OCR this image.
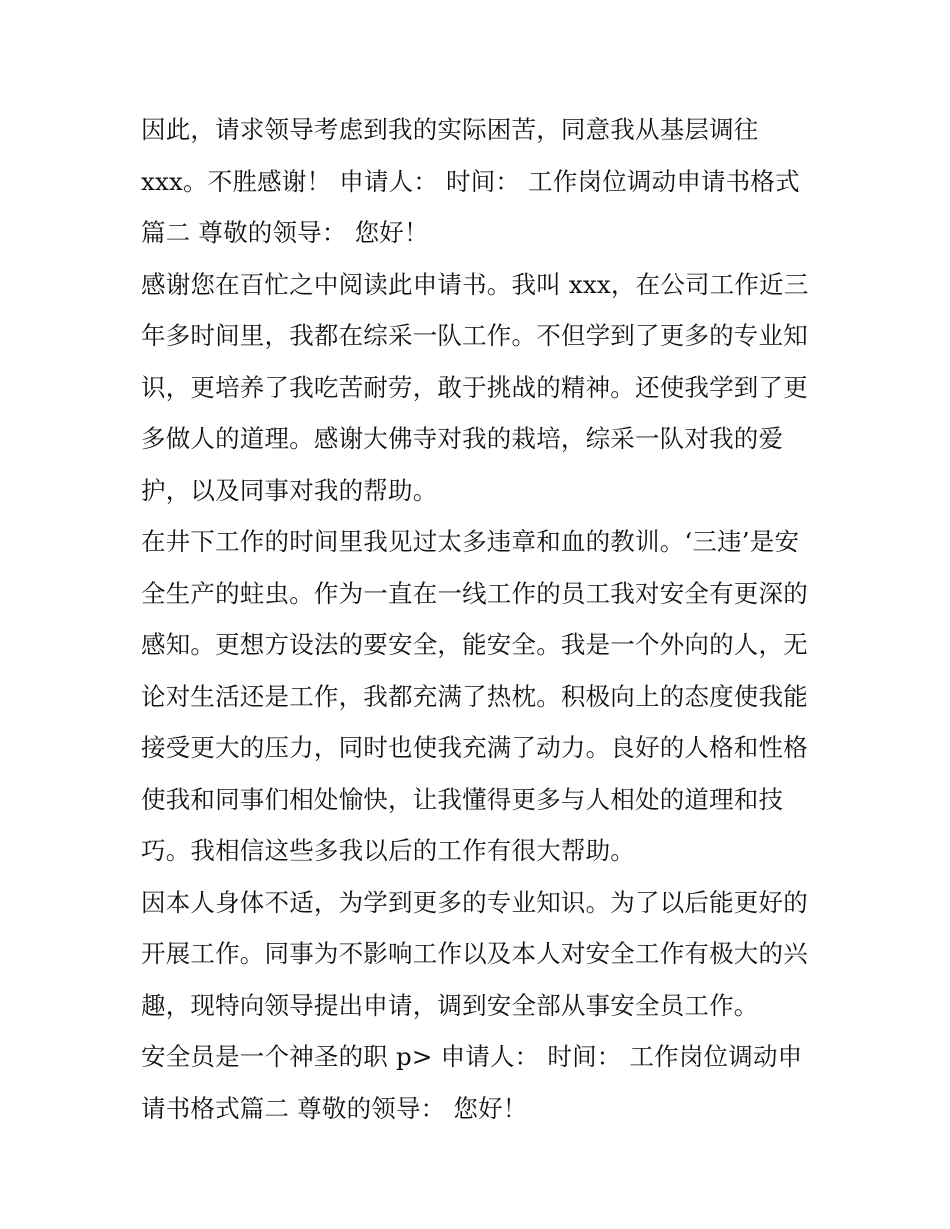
因此，请求领导考虑到我的实际困苦，同意我从基层调往
xxx。不胜感谢！ 申请人： 时间： 工作岗位调动申请书格式
篇二 尊敬的领导： 您好！
感谢您在百忙之中阅读此申请书。我叫 xxx，在公司工作近三
年多时间里，我都在综采一队工作。不但学到了更多的专业知
识，更培养了我吃苦耐劳，敢于挑战的精神。还使我学到了更
多做人的道理。感谢大佛寺对我的栽培，综采一队对我的爱
护，以及同事对我的帮助。
在井下工作的时间里我见过太多违章和血的教训。‘三违’是安
全生产的蛀虫。作为一直在一线工作的员工我对安全有更深的
感知。更想方设法的要安全，能安全。我是一个外向的人，无
论对生活还是工作，我都充满了热枕。积极向上的态度使我能
接受更大的压力，同时也使我充满了动力。良好的人格和性格
使我和同事们相处愉快，让我懂得更多与人相处的道理和技
巧。我相信这些多我以后的工作有很大帮助。
因本人身体不适，为学到更多的专业知识。为了以后能更好的
开展工作。同事为不影响工作以及本人对安全工作有极大的兴
趣，现特向领导提出申请，调到安全部从事安全员工作。
安全员是一个神圣的职 p> 申请人： 时间： 工作岗位调动申
请书格式篇二 尊敬的领导： 您好！
